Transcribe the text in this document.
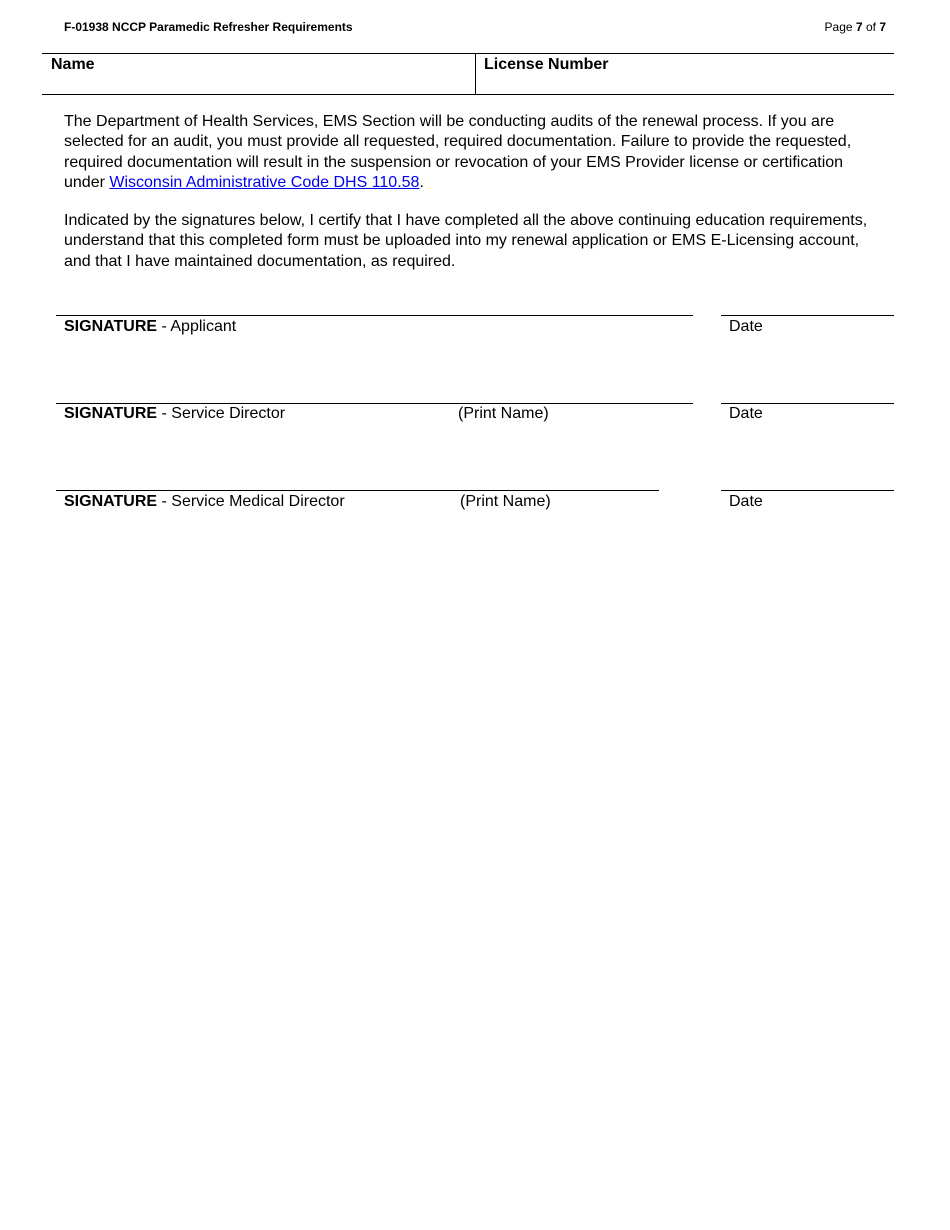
F-01938 NCCP Paramedic Refresher Requirements	Page 7 of 7
Name	License Number

The Department of Health Services, EMS Section will be conducting audits of the renewal process. If you are selected for an audit, you must provide all requested, required documentation. Failure to provide the requested, required documentation will result in the suspension or revocation of your EMS Provider license or certification under Wisconsin Administrative Code DHS 110.58.

Indicated by the signatures below, I certify that I have completed all the above continuing education requirements, understand that this completed form must be uploaded into my renewal application or EMS E-Licensing account, and that I have maintained documentation, as required.

SIGNATURE - Applicant	Date
SIGNATURE - Service Director	(Print Name)	Date
SIGNATURE - Service Medical Director	(Print Name)	Date
